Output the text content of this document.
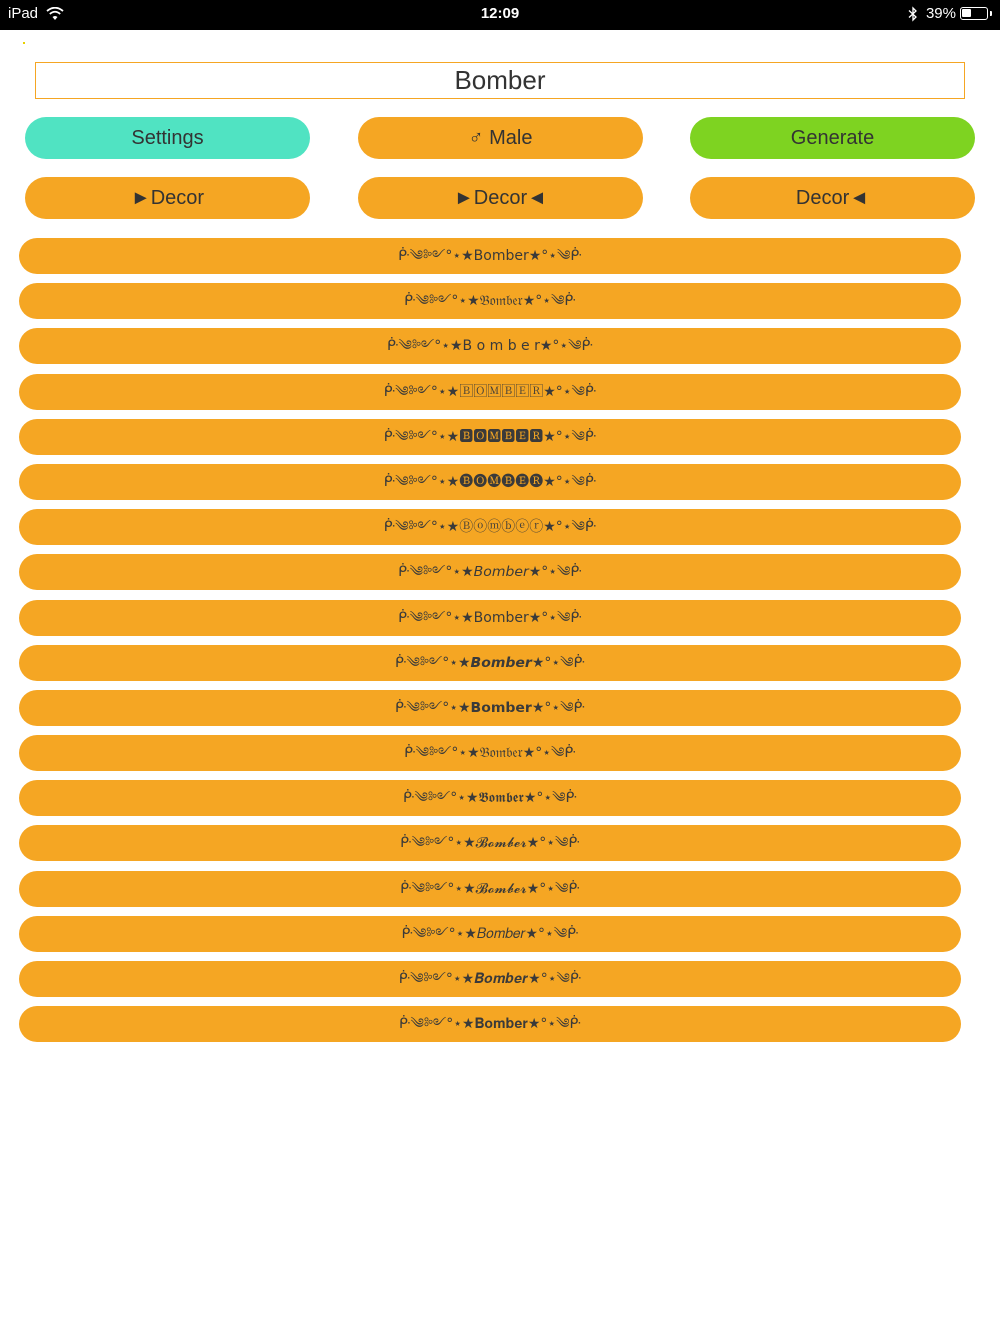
iPad	12:09	39%
Bomber
Settings	♂ Male	Generate
►Decor	►Decor◄	Decor◄
ᑹ༄༻°⋆★Bomber★°⋆༄ᑹ
ᑹ༄༻°⋆★𝔅𝔬𝔪𝔟𝔢𝔯★°⋆༄ᑹ
ᑹ༄༻°⋆★B o m b e r★°⋆༄ᑹ
ᑹ༄༻°⋆★🄱🄾🄼🄱🄴🅁★°⋆༄ᑹ
ᑹ༄༻°⋆★🅱🅾🅼🅱🅴🆁★°⋆༄ᑹ
ᑹ༄༻°⋆★🅑🅞🅜🅑🅔🅡★°⋆༄ᑹ
ᑹ༄༻°⋆★Ⓑⓞⓜⓑⓔⓡ★°⋆༄ᑹ
ᑹ༄༻°⋆★𝘉𝘰𝘮𝘣𝘦𝘳★°⋆༄ᑹ
ᑹ༄༻°⋆★𝖡𝗈𝗆𝖻𝖾𝗋★°⋆༄ᑹ
ᑹ༄༻°⋆★𝘽𝙤𝙢𝙗𝙚𝙧★°⋆༄ᑹ
ᑹ༄༻°⋆★𝗕𝗼𝗺𝗯𝗲𝗿★°⋆༄ᑹ
ᑹ༄༻°⋆★𝔅𝔬𝔪𝔟𝔢𝔯★°⋆༄ᑹ
ᑹ༄༻°⋆★𝕭𝖔𝖒𝖇𝖊𝖗★°⋆༄ᑹ
ᑹ༄༻°⋆★𝓑𝓸𝓶𝓫𝓮𝓻★°⋆༄ᑹ
ᑹ༄༻°⋆★𝓑𝓸𝓶𝓫𝓮𝓻★°⋆༄ᑹ
ᑹ༄༻°⋆★𝐵𝑜𝑚𝑏𝑒𝑟★°⋆༄ᑹ
ᑹ༄༻°⋆★𝑩𝒐𝒎𝒃𝒆𝒓★°⋆༄ᑹ
ᑹ༄༻°⋆★𝐁𝐨𝐦𝐛𝐞𝐫★°⋆༄ᑹ
